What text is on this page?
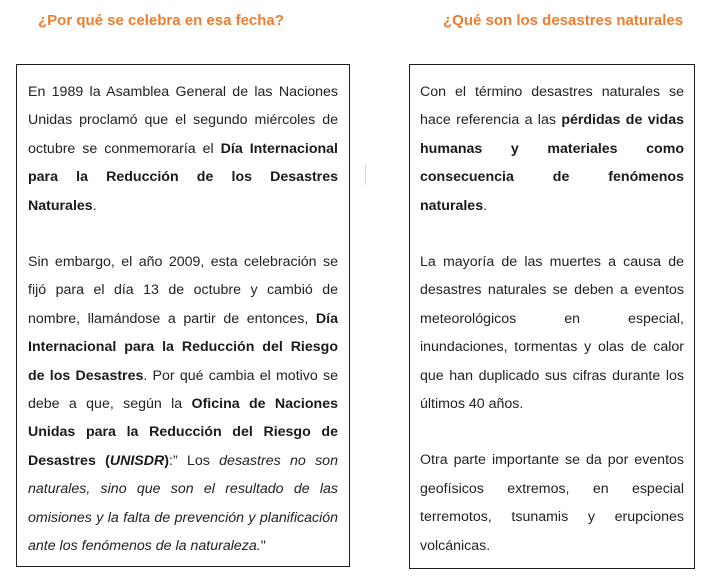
¿Por qué se celebra en esa fecha?	¿Qué son los desastres naturales

En 1989 la Asamblea General de las Naciones Unidas proclamó que el segundo miércoles de octubre se conmemoraría el Día Internacional para la Reducción de los Desastres Naturales.

Sin embargo, el año 2009, esta celebración se fijó para el día 13 de octubre y cambió de nombre, llamándose a partir de entonces, Día Internacional para la Reducción del Riesgo de los Desastres. Por qué cambia el motivo se debe a que, según la Oficina de Naciones Unidas para la Reducción del Riesgo de Desastres (UNISDR):” Los desastres no son naturales, sino que son el resultado de las omisiones y la falta de prevención y planificación ante los fenómenos de la naturaleza."

Con el término desastres naturales se hace referencia a las pérdidas de vidas humanas y materiales como consecuencia de fenómenos naturales.

La mayoría de las muertes a causa de desastres naturales se deben a eventos meteorológicos en especial, inundaciones, tormentas y olas de calor que han duplicado sus cifras durante los últimos 40 años.

Otra parte importante se da por eventos geofísicos extremos, en especial terremotos, tsunamis y erupciones volcánicas.
